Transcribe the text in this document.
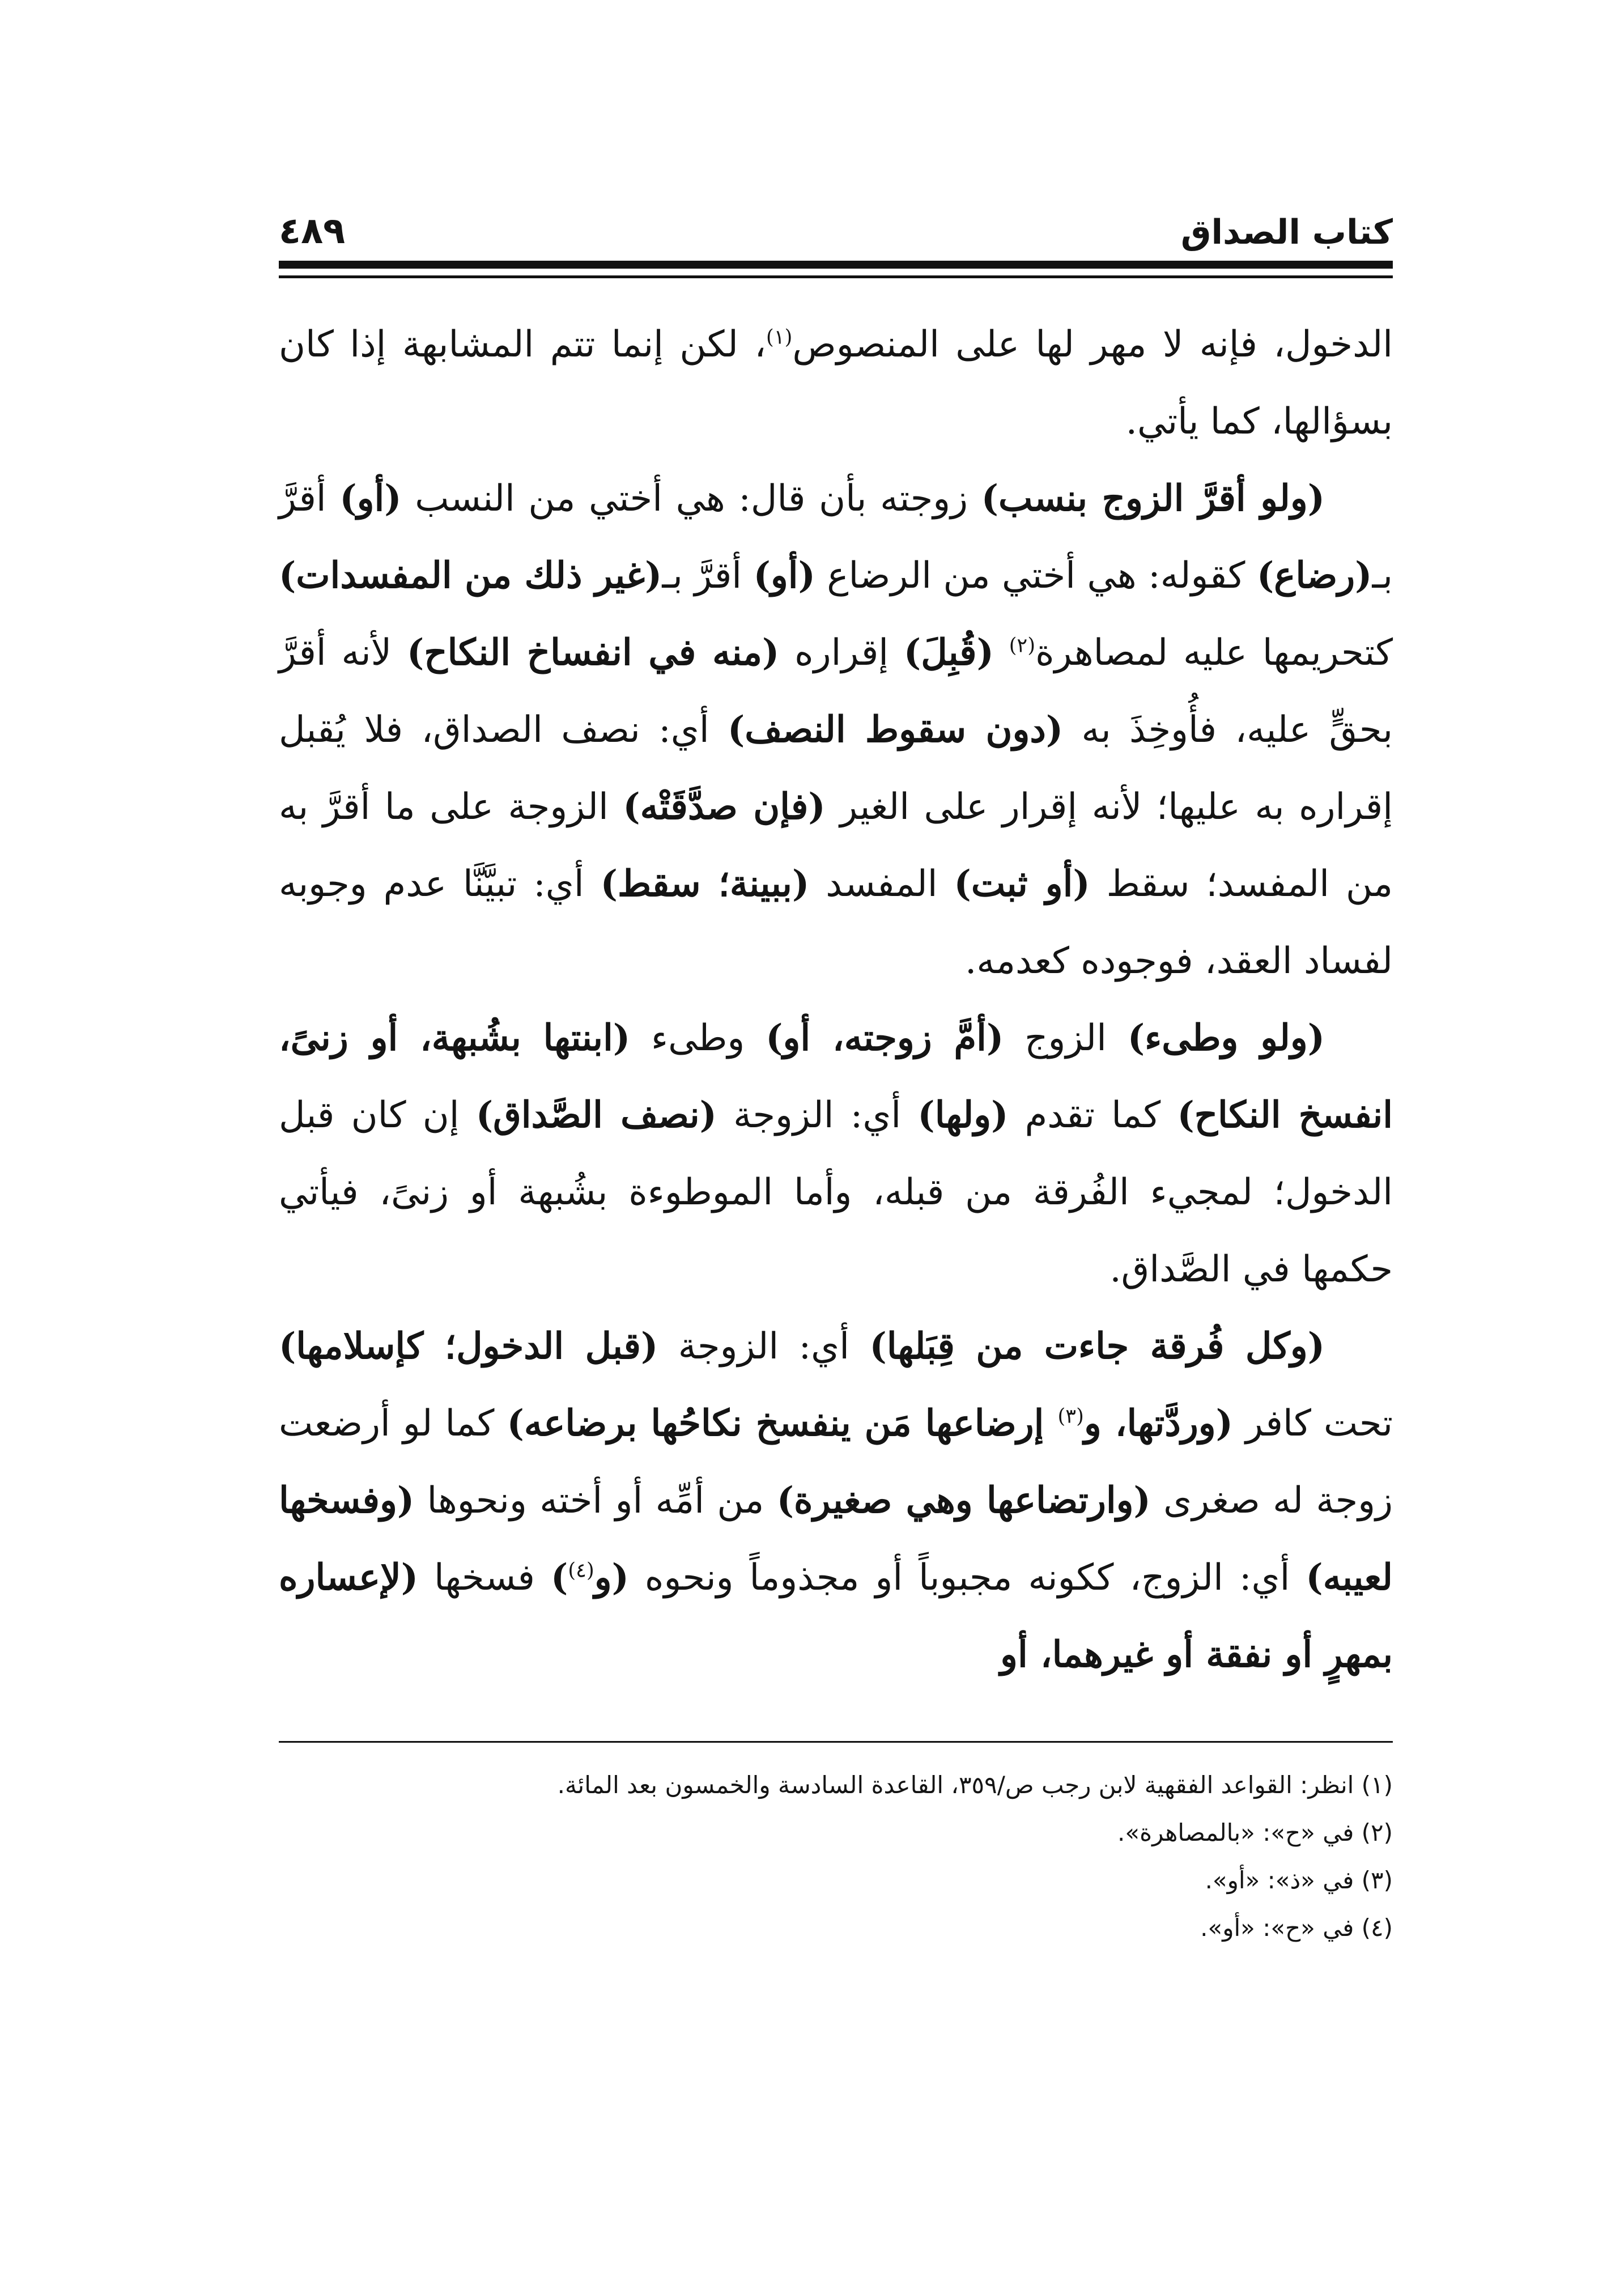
٤٨٩	كتاب الصداق

الدخول، فإنه لا مهر لها على المنصوص$^{(١)}$، لكن إنما تتم المشابهة إذا كان بسؤالها، كما يأتي.

(ولو أقرَّ الزوج بنسب) زوجته بأن قال: هي أختي من النسب (أو) أقرَّ بـ(رضاع) كقوله: هي أختي من الرضاع (أو) أقرَّ بـ(غير ذلك من المفسدات) كتحريمها عليه لمصاهرة$^{(٢)}$ (قُبِلَ) إقراره (منه في انفساخ النكاح) لأنه أقرَّ بحقٍّ عليه، فأُوخِذَ به (دون سقوط النصف) أي: نصف الصداق، فلا يُقبل إقراره به عليها؛ لأنه إقرار على الغير (فإن صدَّقَتْه) الزوجة على ما أقرَّ به من المفسد؛ سقط (أو ثبت) المفسد (ببينة؛ سقط) أي: تبيَّنَّا عدم وجوبه لفساد العقد، فوجوده كعدمه.

(ولو وطىء) الزوج (أمَّ زوجته، أو) وطىء (ابنتها بشُبهة، أو زنىً، انفسخ النكاح) كما تقدم (ولها) أي: الزوجة (نصف الصَّداق) إن كان قبل الدخول؛ لمجيء الفُرقة من قبله، وأما الموطوءة بشُبهة أو زنىً، فيأتي حكمها في الصَّداق.

(وكل فُرقة جاءت من قِبَلها) أي: الزوجة (قبل الدخول؛ كإسلامها) تحت كافر (وردَّتها، و$^{(٣)}$ إرضاعها مَن ينفسخ نكاحُها برضاعه) كما لو أرضعت زوجة له صغرى (وارتضاعها وهي صغيرة) من أمِّه أو أخته ونحوها (وفسخها لعيبه) أي: الزوج، ككونه مجبوباً أو مجذوماً ونحوه (و$^{(٤)}$) فسخها (لإعساره بمهرٍ أو نفقة أو غيرهما، أو

(١) انظر: القواعد الفقهية لابن رجب ص/٣٥٩، القاعدة السادسة والخمسون بعد المائة.

(٢) في «ح»: «بالمصاهرة».

(٣) في «ذ»: «أو».

(٤) في «ح»: «أو».
